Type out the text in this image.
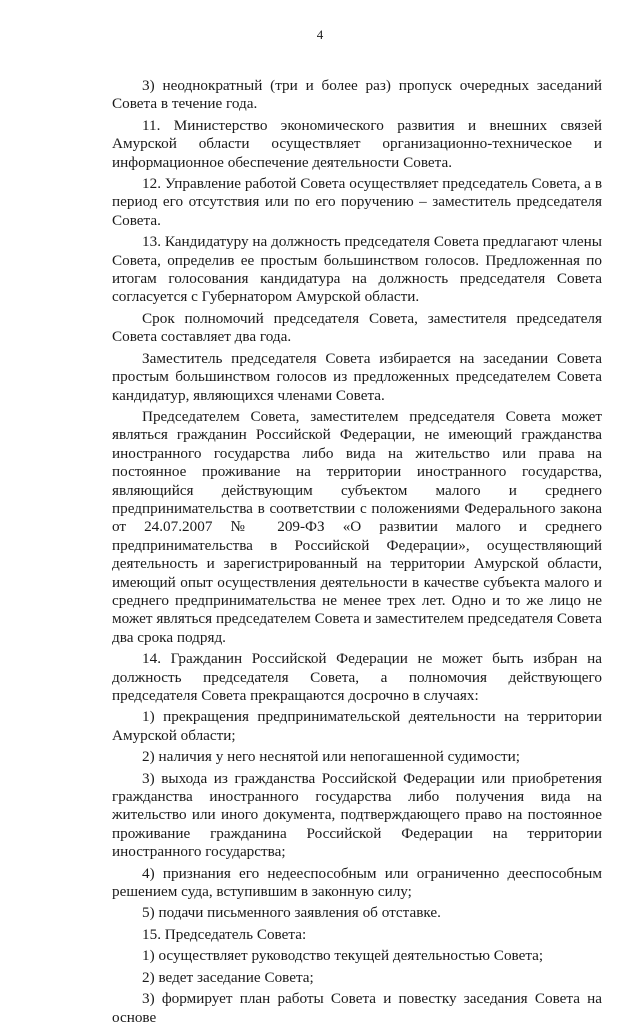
4

3) неоднократный (три и более раз) пропуск очередных заседаний Совета в течение года.

11. Министерство экономического развития и внешних связей Амурской области осуществляет организационно-техническое и информационное обеспечение деятельности Совета.

12. Управление работой Совета осуществляет председатель Совета, а в период его отсутствия или по его поручению – заместитель председателя Совета.

13. Кандидатуру на должность председателя Совета предлагают члены Совета, определив ее простым большинством голосов. Предложенная по итогам голосования кандидатура на должность председателя Совета согласуется с Губернатором Амурской области.

Срок полномочий председателя Совета, заместителя председателя Совета составляет два года.

Заместитель председателя Совета избирается на заседании Совета простым большинством голосов из предложенных председателем Совета кандидатур, являющихся членами Совета.

Председателем Совета, заместителем председателя Совета может являться гражданин Российской Федерации, не имеющий гражданства иностранного государства либо вида на жительство или права на постоянное проживание на территории иностранного государства, являющийся действующим субъектом малого и среднего предпринимательства в соответствии с положениями Федерального закона от 24.07.2007 № 209-ФЗ «О развитии малого и среднего предпринимательства в Российской Федерации», осуществляющий деятельность и зарегистрированный на территории Амурской области, имеющий опыт осуществления деятельности в качестве субъекта малого и среднего предпринимательства не менее трех лет. Одно и то же лицо не может являться председателем Совета и заместителем председателя Совета два срока подряд.

14. Гражданин Российской Федерации не может быть избран на должность председателя Совета, а полномочия действующего председателя Совета прекращаются досрочно в случаях:

1) прекращения предпринимательской деятельности на территории Амурской области;

2) наличия у него неснятой или непогашенной судимости;

3) выхода из гражданства Российской Федерации или приобретения гражданства иностранного государства либо получения вида на жительство или иного документа, подтверждающего право на постоянное проживание гражданина Российской Федерации на территории иностранного государства;

4) признания его недееспособным или ограниченно дееспособным решением суда, вступившим в законную силу;

5) подачи письменного заявления об отставке.

15. Председатель Совета:

1) осуществляет руководство текущей деятельностью Совета;

2) ведет заседание Совета;

3) формирует план работы Совета и повестку заседания Совета на основе
